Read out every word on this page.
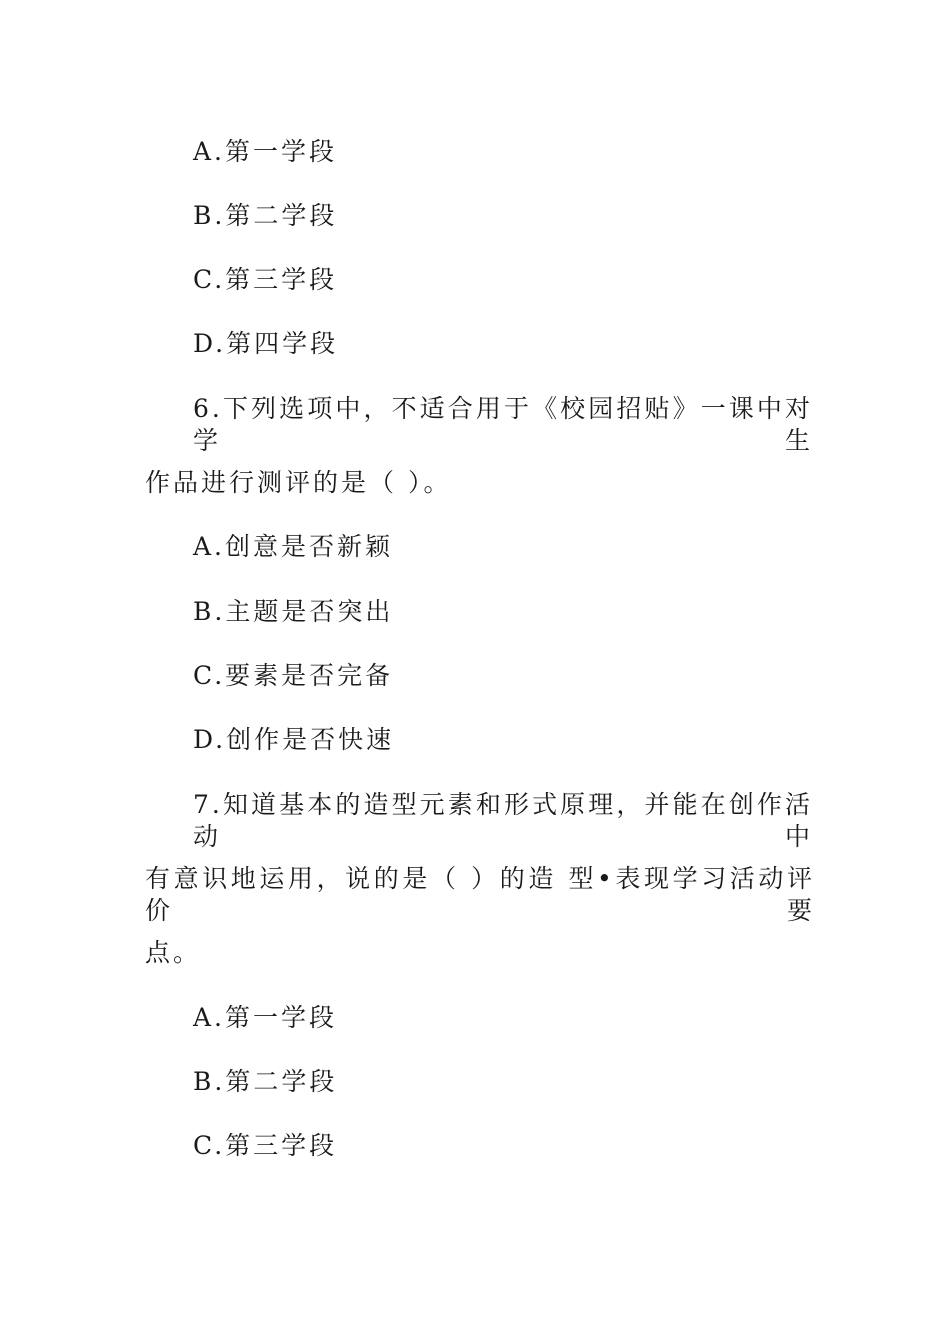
A.第一学段

B.第二学段

C.第三学段

D.第四学段

6.下列选项中，不适合用于《校园招贴》一课中对学生

作品进行测评的是（ ）。

A.创意是否新颖

B.主题是否突出

C.要素是否完备

D.创作是否快速

7.知道基本的造型元素和形式原理，并能在创作活动中

有意识地运用，说的是（ ）的造 型•表现学习活动评价要

点。

A.第一学段

B.第二学段

C.第三学段
